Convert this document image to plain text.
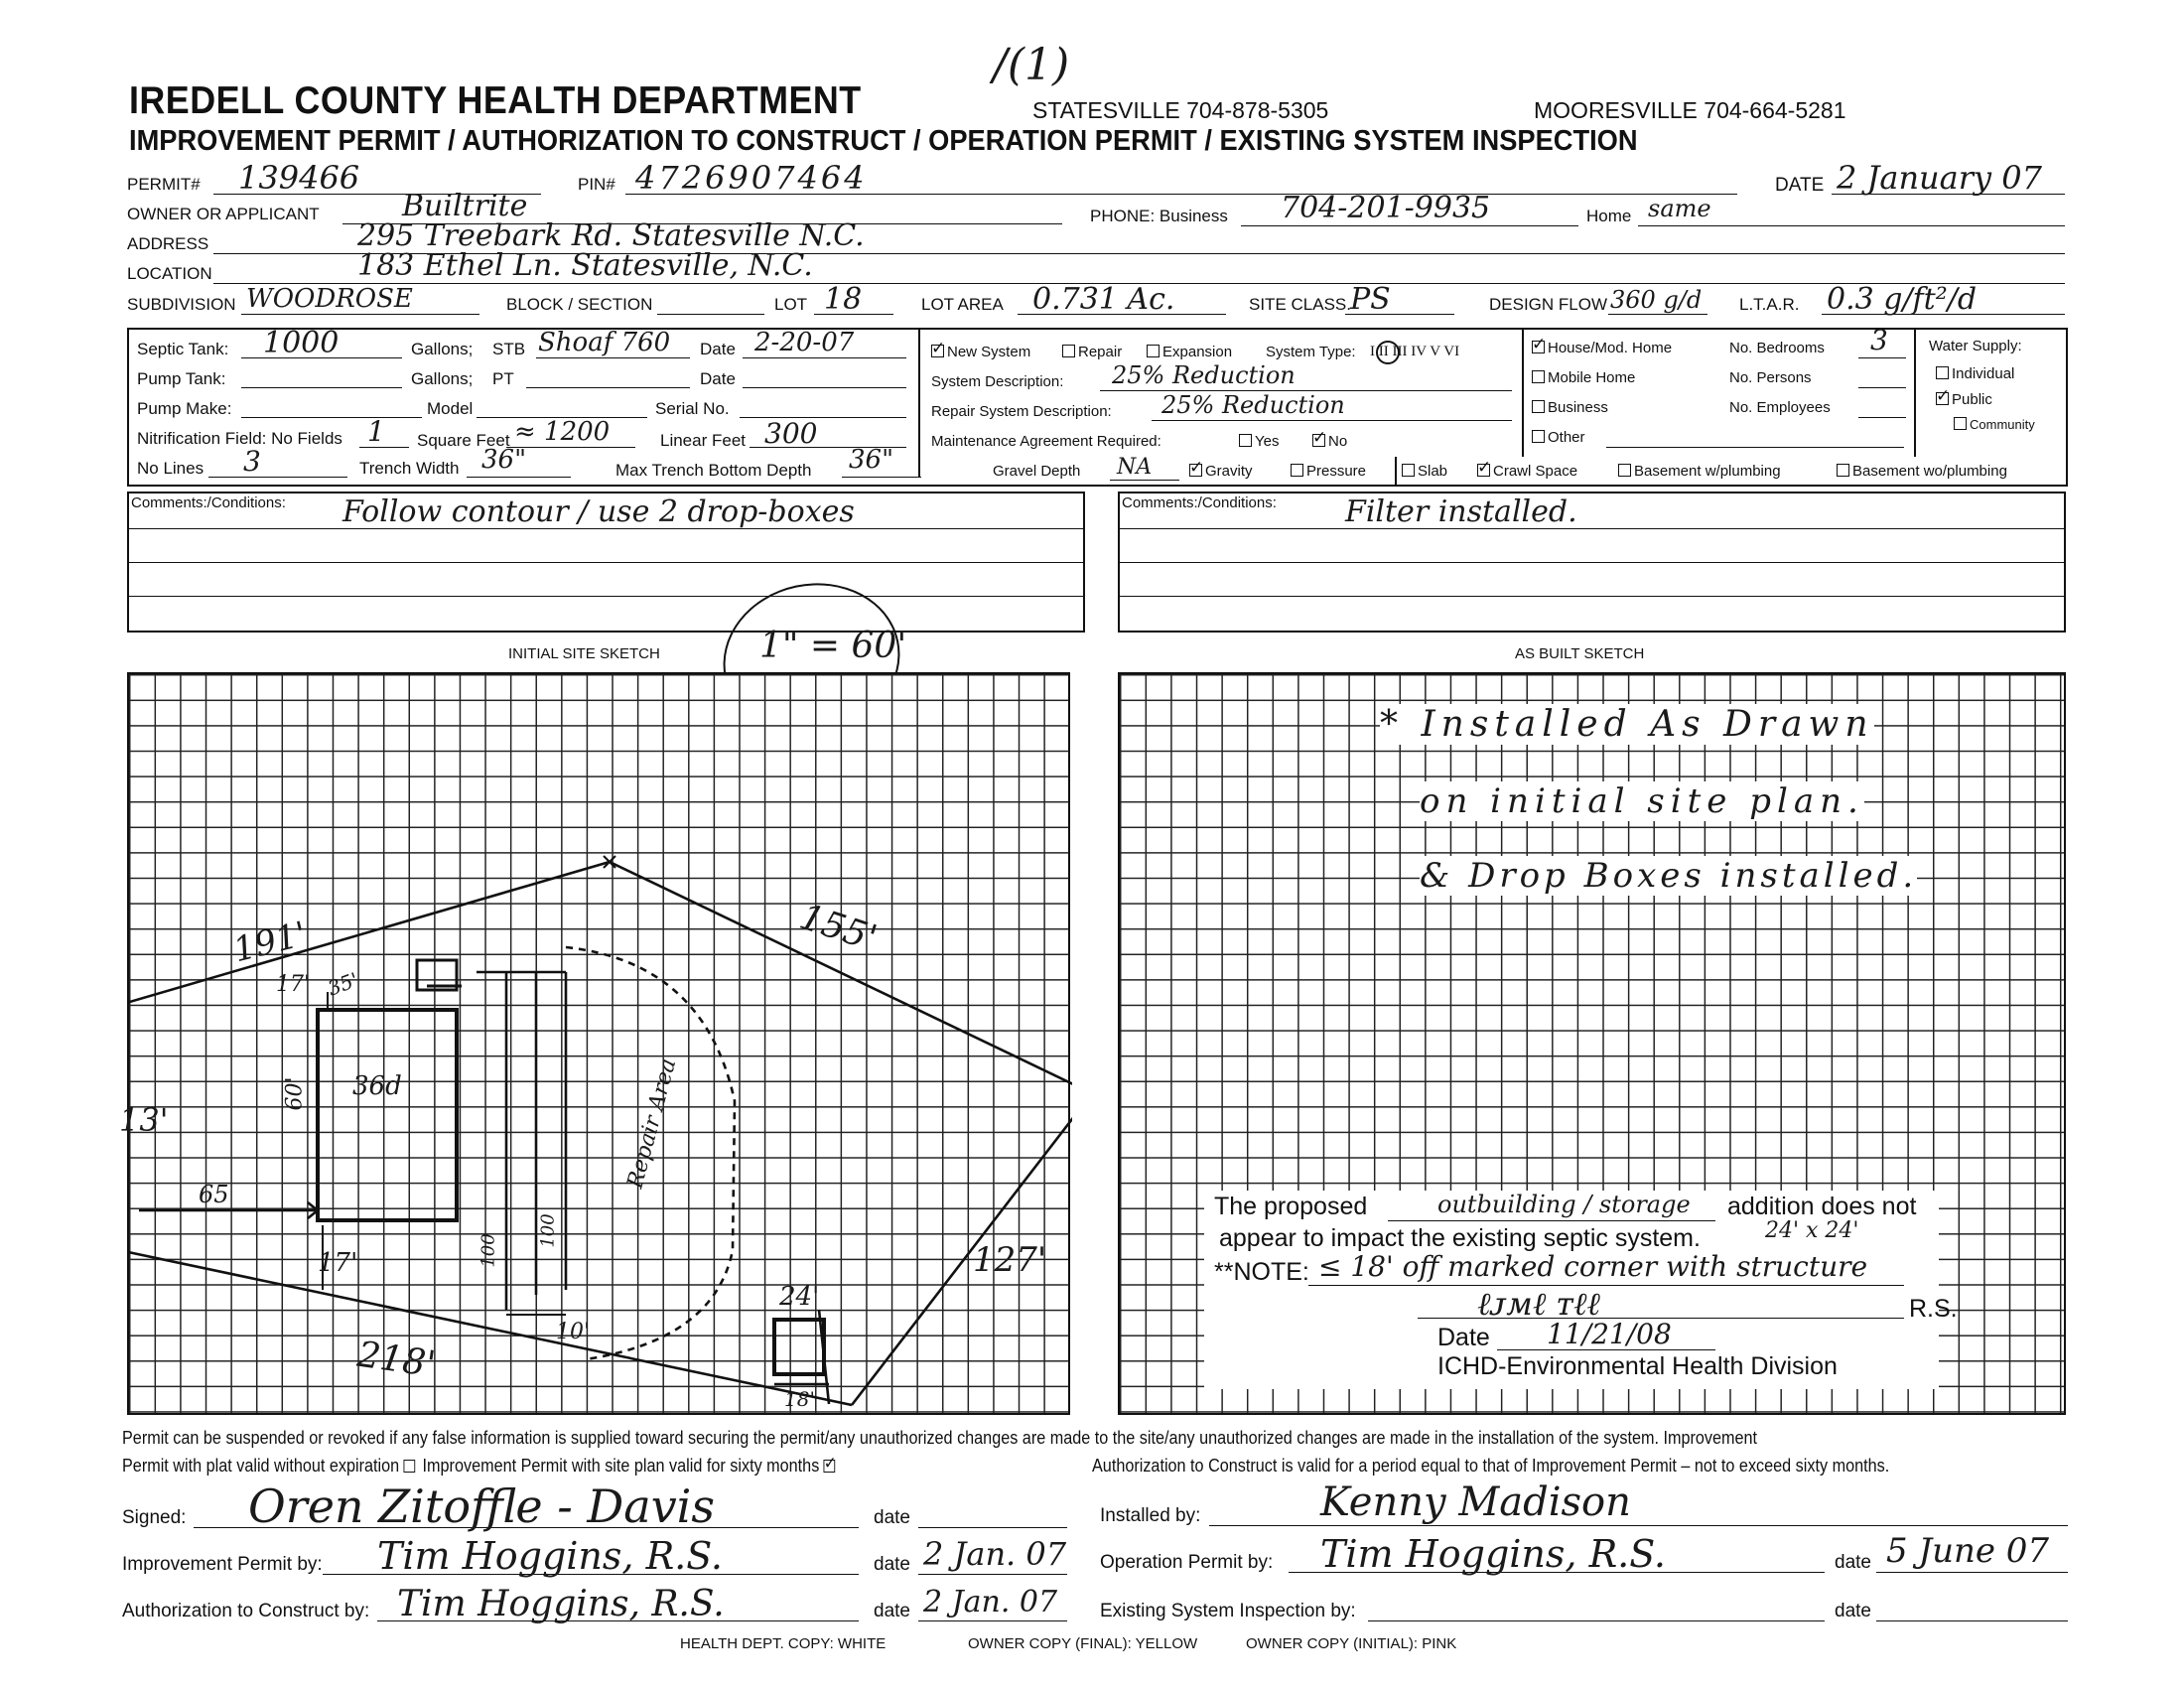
IREDELL COUNTY HEALTH DEPARTMENT
/(1)
STATESVILLE 704-878-5305	MOORESVILLE 704-664-5281
IMPROVEMENT PERMIT / AUTHORIZATION TO CONSTRUCT / OPERATION PERMIT / EXISTING SYSTEM INSPECTION
PERMIT# 139466	PIN# 4726907464	DATE 2 January 07
OWNER OR APPLICANT	Builtrite	PHONE: Business 704-201-9935	Home same
ADDRESS	295 Treebark Rd. Statesville N.C.
LOCATION	183 Ethel Ln. Statesville, N.C.
SUBDIVISION WOODROSE	BLOCK / SECTION	LOT 18	LOT AREA 0.731 Ac.	SITE CLASS. PS	DESIGN FLOW 360 g/d L.T.A.R. 0.3 g/ft²/d
Septic Tank: 1000	Gallons; STB Shoaf 760 Date 2-20-07
Pump Tank:	Gallons; PT	Date
Pump Make:	Model	Serial No.
Nitrification Field: No Fields 1 Square Feet ≈ 1200	Linear Feet 300
No Lines 3	Trench Width 36"	Max Trench Bottom Depth 36"
✓New System	Repair	Expansion System Type: I II III IV V VI
System Description: 25% Reduction
Repair System Description: 25% Reduction
Maintenance Agreement Required:	Yes ✓	No
Gravel Depth NA ✓	Gravity	Pressure	Slab ✓	Crawl Space	Basement w/plumbing	Basement wo/plumbing
✓House/Mod. Home
Mobile Home
Business
Other
No. Bedrooms 3
No. Persons
No. Employees
Water Supply:
Individual
✓Public
Community
Comments:/Conditions: Follow contour / use 2 drop-boxes	Comments:/Conditions: Filter installed.
INITIAL SITE SKETCH	1" = 60'	AS BUILT SKETCH
191'	155'
13'
127'
218'
65
17'
17'
60'
35'
36d	Repair Area
100
100
10'
24'
18'
* Installed As Drawn
on initial site plan.
& Drop Boxes installed.
The proposed	outbuilding / storage addition does not
appear to impact the existing septic system.	24' x 24'
**NOTE: ≤ 18' off marked corner with structure
ℓᴊмℓ ᴛℓℓ	R.S.
Date 11/21/08
ICHD-Environmental Health Division
Permit can be suspended or revoked if any false information is supplied toward securing the permit/any unauthorized changes are made to the site/any unauthorized changes are made in the installation of the system. Improvement
Permit with plat valid without expiration Improvement Permit with site plan valid for sixty months ✓	Authorization to Construct is valid for a period equal to that of Improvement Permit – not to exceed sixty months.
Signed: Oren Zitoffle - Davis	date	Installed by:	Kenny Madison
Improvement Permit by: Tim Hoggins, R.S.	date 2 Jan. 07 Operation Permit by: Tim Hoggins, R.S.	date 5 June 07
Authorization to Construct by: Tim Hoggins, R.S.	date 2 Jan. 07 Existing System Inspection by:	date
HEALTH DEPT. COPY: WHITE	OWNER COPY (FINAL): YELLOW	OWNER COPY (INITIAL): PINK
